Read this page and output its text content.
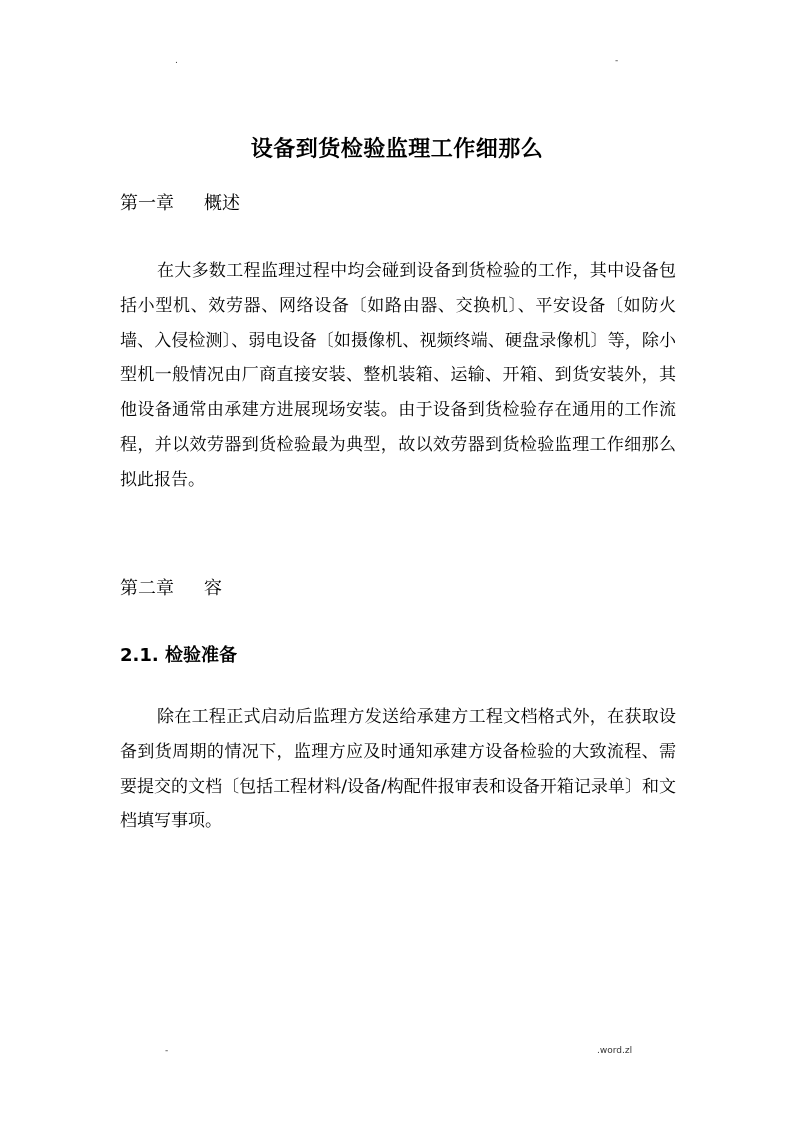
.	-
设备到货检验监理工作细那么
第一章 概述

在大多数工程监理过程中均会碰到设备到货检验的工作，其中设备包括小型机、效劳器、网络设备〔如路由器、交换机〕、平安设备〔如防火墙、入侵检测〕、弱电设备〔如摄像机、视频终端、硬盘录像机〕等，除小型机一般情况由厂商直接安装、整机装箱、运输、开箱、到货安装外，其他设备通常由承建方进展现场安装。由于设备到货检验存在通用的工作流程，并以效劳器到货检验最为典型，故以效劳器到货检验监理工作细那么拟此报告。

第二章 容
2.1. 检验准备

除在工程正式启动后监理方发送给承建方工程文档格式外，在获取设备到货周期的情况下，监理方应及时通知承建方设备检验的大致流程、需要提交的文档〔包括工程材料/设备/构配件报审表和设备开箱记录单〕和文档填写事项。

-	.word.zl
